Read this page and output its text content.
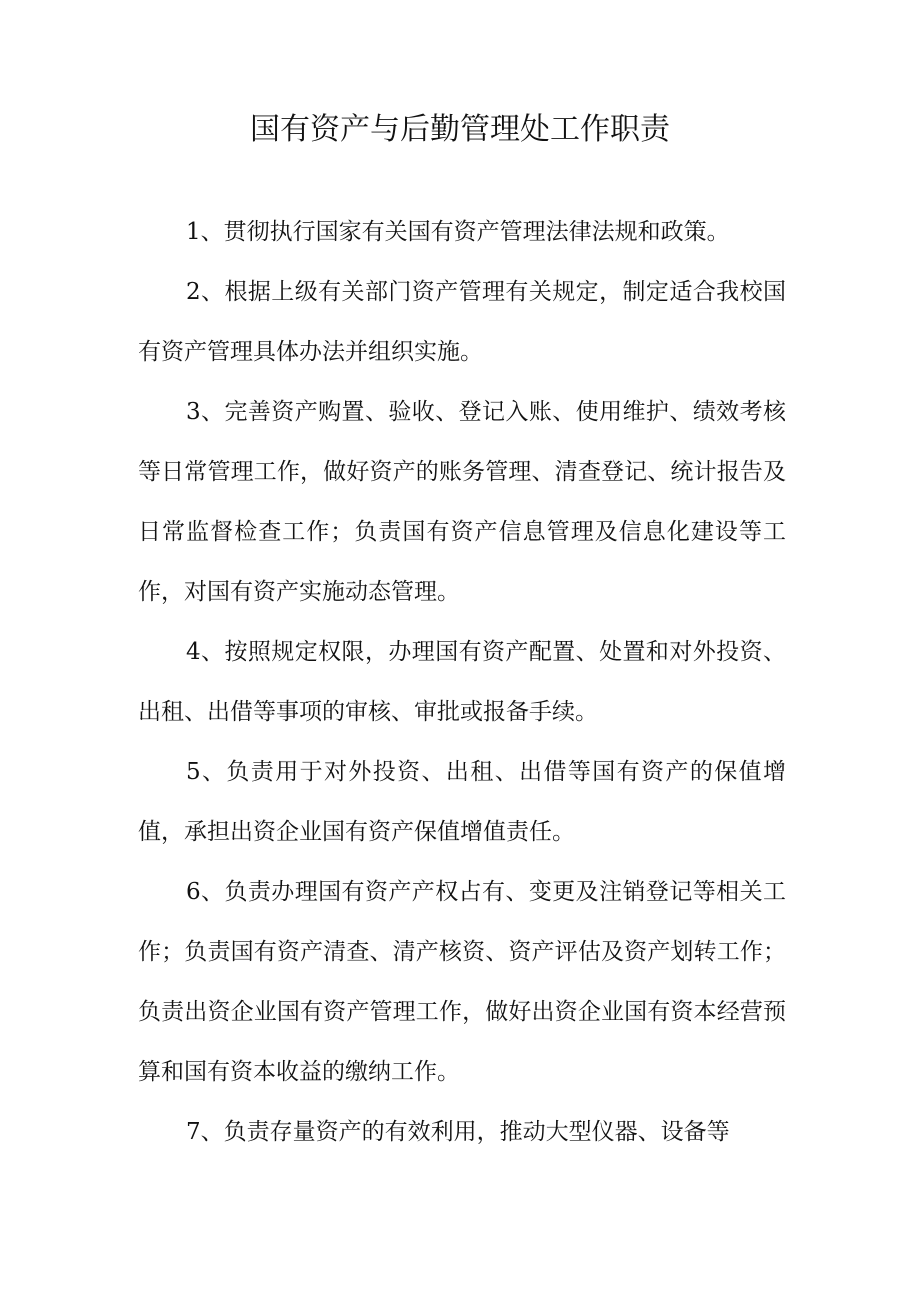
国有资产与后勤管理处工作职责

1、贯彻执行国家有关国有资产管理法律法规和政策。

2、根据上级有关部门资产管理有关规定，制定适合我校国有资产管理具体办法并组织实施。

3、完善资产购置、验收、登记入账、使用维护、绩效考核等日常管理工作，做好资产的账务管理、清查登记、统计报告及日常监督检查工作；负责国有资产信息管理及信息化建设等工作，对国有资产实施动态管理。

4、按照规定权限，办理国有资产配置、处置和对外投资、出租、出借等事项的审核、审批或报备手续。

5、负责用于对外投资、出租、出借等国有资产的保值增值，承担出资企业国有资产保值增值责任。

6、负责办理国有资产产权占有、变更及注销登记等相关工作；负责国有资产清查、清产核资、资产评估及资产划转工作；负责出资企业国有资产管理工作，做好出资企业国有资本经营预算和国有资本收益的缴纳工作。

7、负责存量资产的有效利用，推动大型仪器、设备等
